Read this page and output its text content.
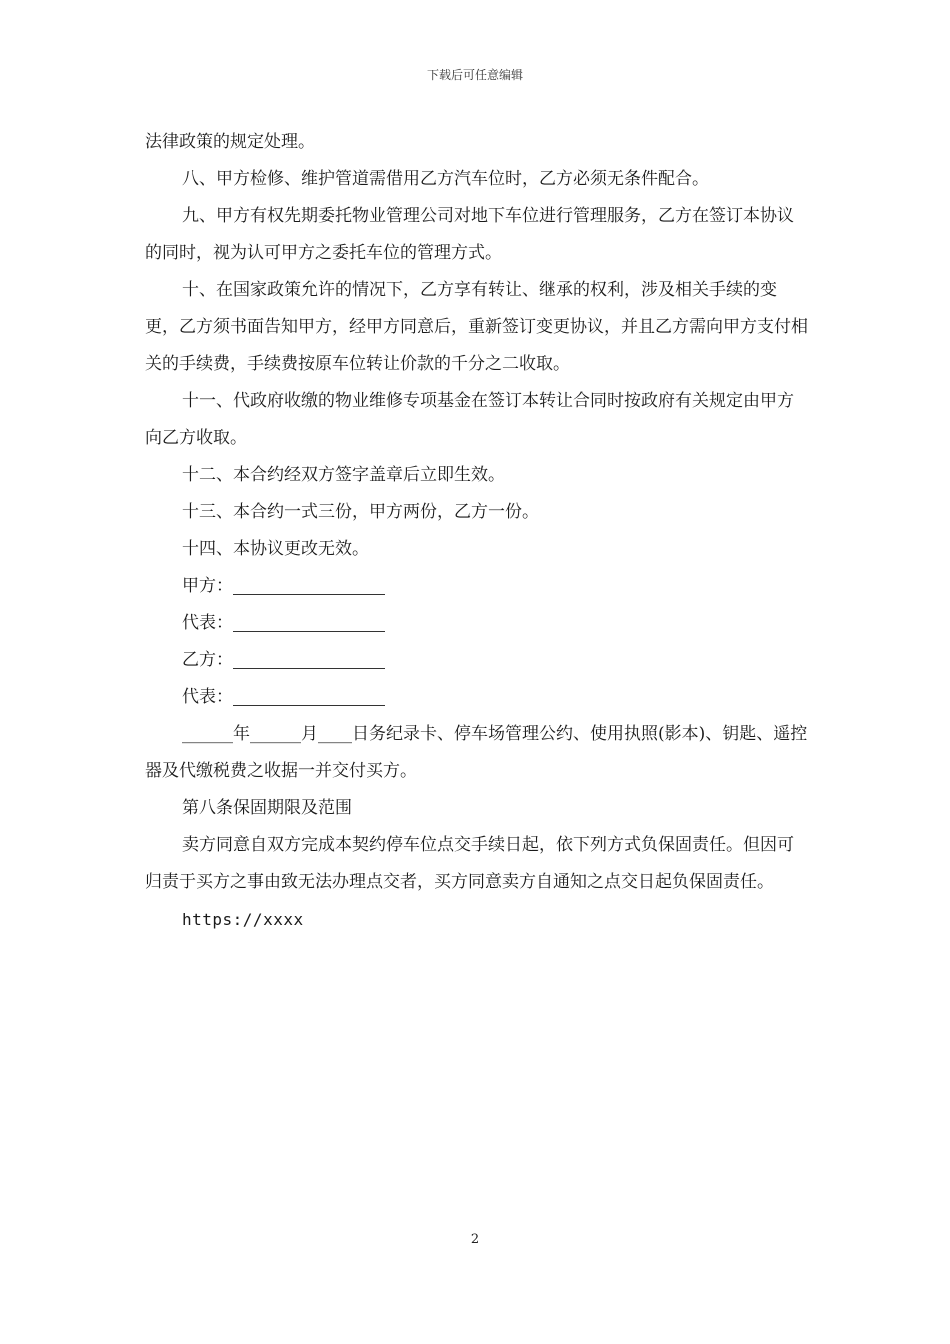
下载后可任意编辑

法律政策的规定处理。

八、甲方检修、维护管道需借用乙方汽车位时，乙方必须无条件配合。

九、甲方有权先期委托物业管理公司对地下车位进行管理服务，乙方在签订本协议的同时，视为认可甲方之委托车位的管理方式。

十、在国家政策允许的情况下，乙方享有转让、继承的权利，涉及相关手续的变更，乙方须书面告知甲方，经甲方同意后，重新签订变更协议，并且乙方需向甲方支付相关的手续费，手续费按原车位转让价款的千分之二收取。

十一、代政府收缴的物业维修专项基金在签订本转让合同时按政府有关规定由甲方向乙方收取。

十二、本合约经双方签字盖章后立即生效。

十三、本合约一式三份，甲方两份，乙方一份。

十四、本协议更改无效。

甲方：
代表：
乙方：
代表：

______年______月____日务纪录卡、停车场管理公约、使用执照(影本)、钥匙、遥控器及代缴税费之收据一并交付买方。

第八条保固期限及范围

卖方同意自双方完成本契约停车位点交手续日起，依下列方式负保固责任。但因可归责于买方之事由致无法办理点交者，买方同意卖方自通知之点交日起负保固责任。

https://xxxx

2
